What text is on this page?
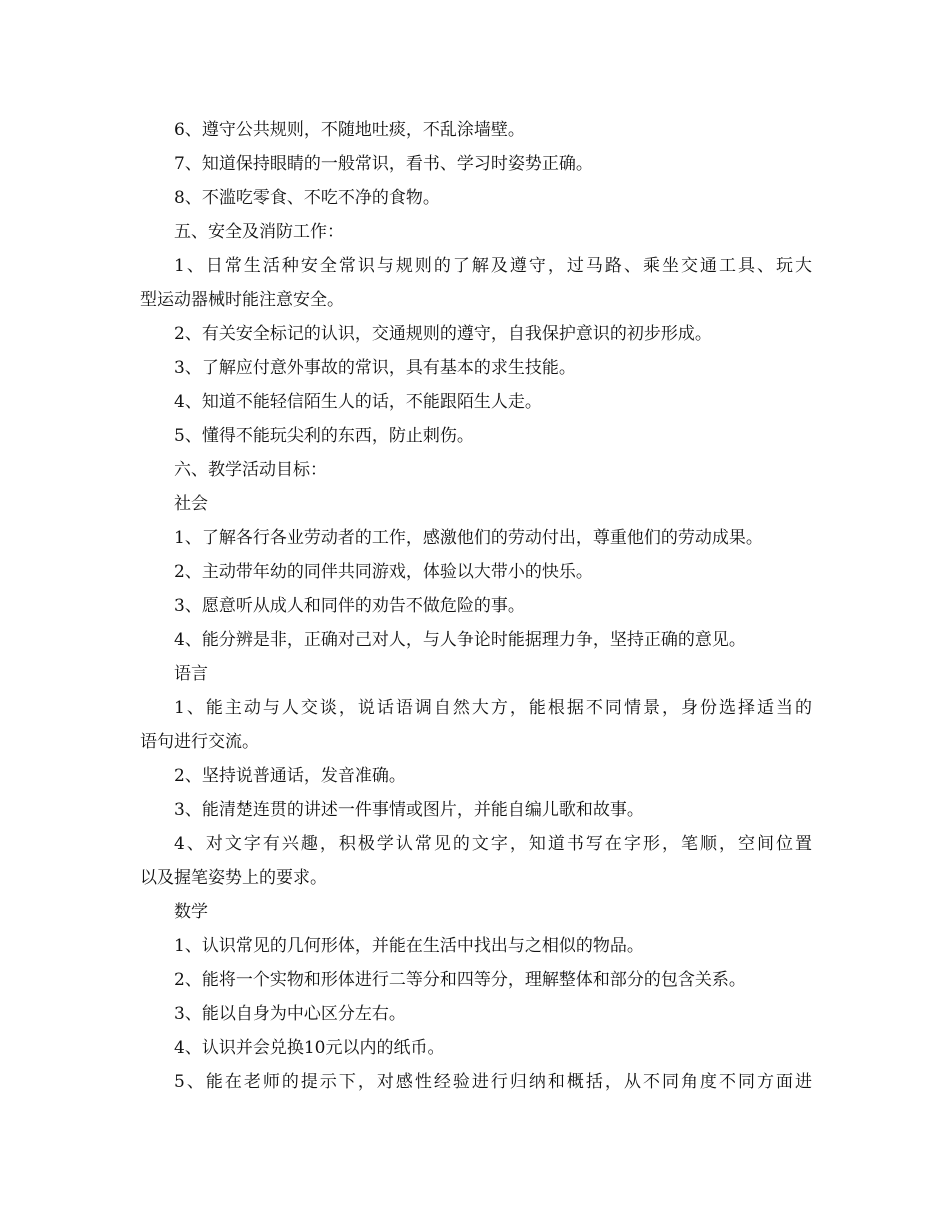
6、遵守公共规则，不随地吐痰，不乱涂墙壁。
7、知道保持眼睛的一般常识，看书、学习时姿势正确。
8、不滥吃零食、不吃不净的食物。
五、安全及消防工作：
1、日常生活种安全常识与规则的了解及遵守，过马路、乘坐交通工具、玩大
型运动器械时能注意安全。
2、有关安全标记的认识，交通规则的遵守，自我保护意识的初步形成。
3、了解应付意外事故的常识，具有基本的求生技能。
4、知道不能轻信陌生人的话，不能跟陌生人走。
5、懂得不能玩尖利的东西，防止刺伤。
六、教学活动目标：
社会
1、了解各行各业劳动者的工作，感激他们的劳动付出，尊重他们的劳动成果。
2、主动带年幼的同伴共同游戏，体验以大带小的快乐。
3、愿意听从成人和同伴的劝告不做危险的事。
4、能分辨是非，正确对己对人，与人争论时能据理力争，坚持正确的意见。
语言
1、能主动与人交谈，说话语调自然大方，能根据不同情景，身份选择适当的
语句进行交流。
2、坚持说普通话，发音准确。
3、能清楚连贯的讲述一件事情或图片，并能自编儿歌和故事。
4、对文字有兴趣，积极学认常见的文字，知道书写在字形，笔顺，空间位置
以及握笔姿势上的要求。
数学
1、认识常见的几何形体，并能在生活中找出与之相似的物品。
2、能将一个实物和形体进行二等分和四等分，理解整体和部分的包含关系。
3、能以自身为中心区分左右。
4、认识并会兑换10元以内的纸币。
5、能在老师的提示下，对感性经验进行归纳和概括，从不同角度不同方面进
